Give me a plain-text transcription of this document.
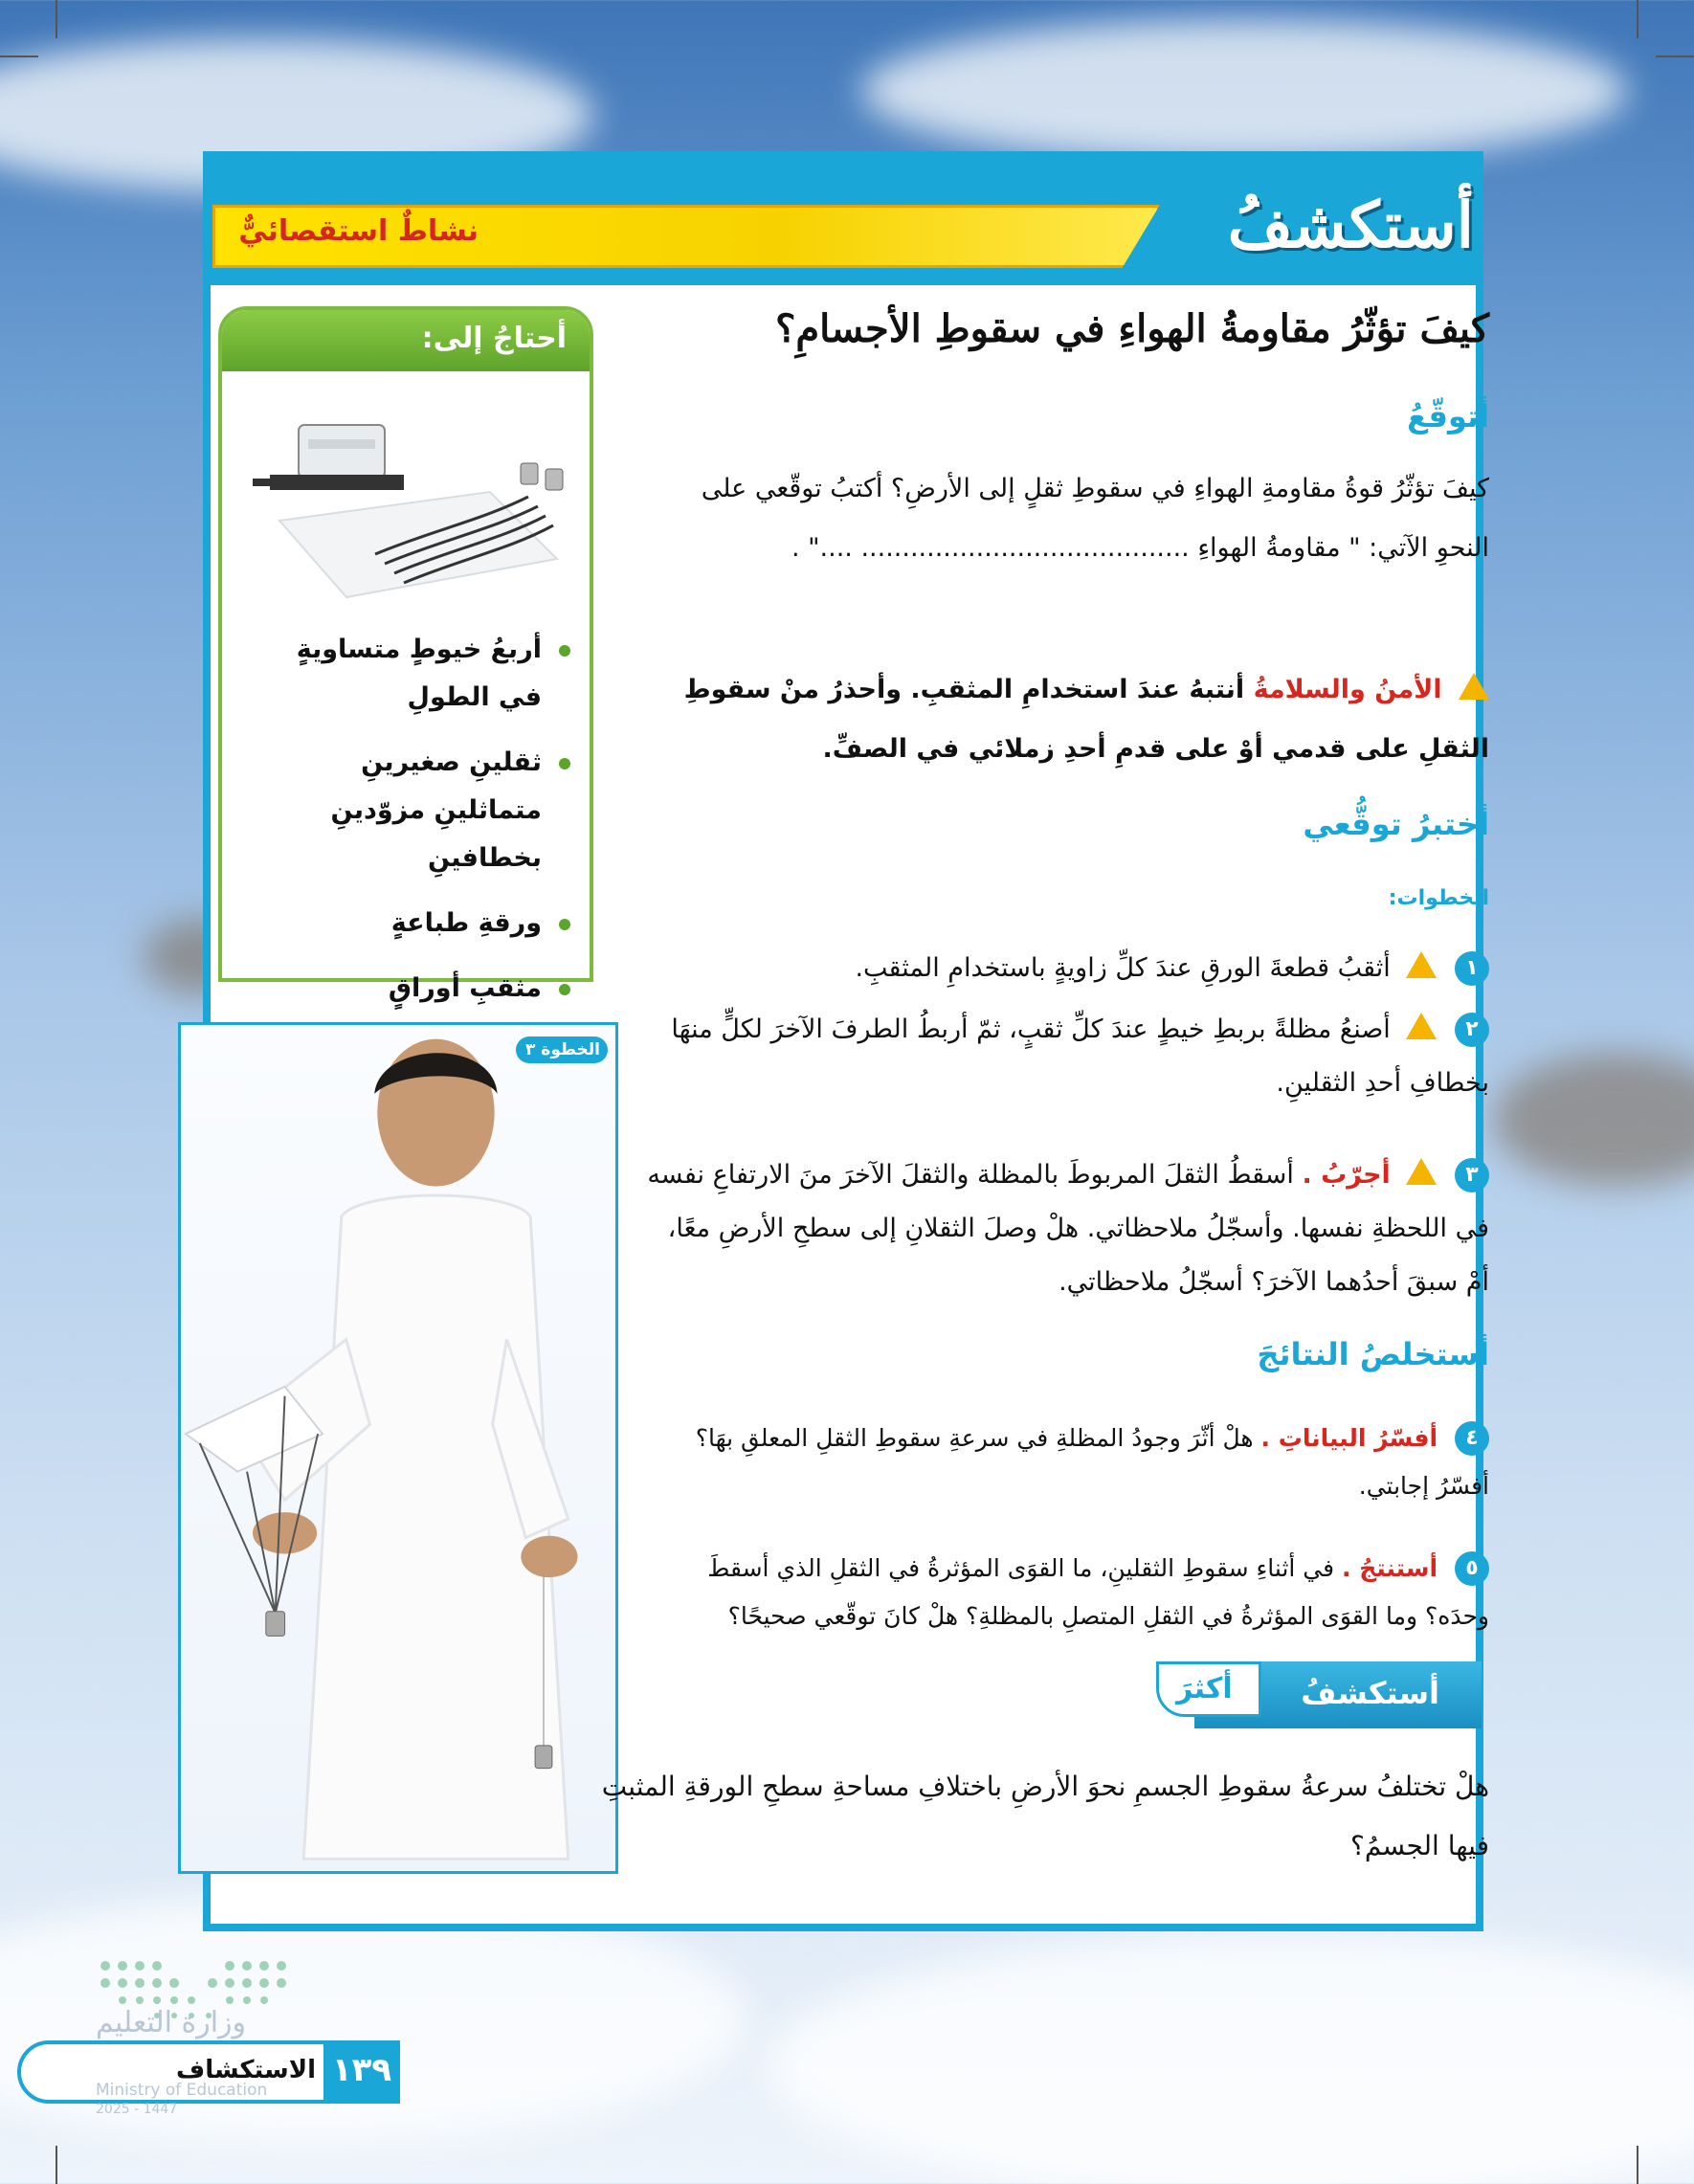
نشاطٌ استقصائيٌّ	أستكشفُ
أحتاجُ إلى:
أربعُ خيوطٍ متساويةٍ في الطولِ
ثقلينِ صغيرينِ متماثلينِ مزوّدينِ بخطافينِ
ورقةِ طباعةٍ
مثقبِ أوراقٍ
الخطوة ٣
كيفَ تؤثّرُ مقاومةُ الهواءِ في سقوطِ الأجسامِ؟
أتوقّعُ
كيفَ تؤثّرُ قوةُ مقاومةِ الهواءِ في سقوطِ ثقلٍ إلى الأرضِ؟ أكتبُ توقّعي على النحوِ الآتي: " مقاومةُ الهواءِ ........................................ ...." .
الأمنُ والسلامةُ أنتبهُ عندَ استخدامِ المثقبِ. وأحذرُ منْ سقوطِ الثقلِ على قدمي أوْ على قدمِ أحدِ زملائي في الصفِّ.
أختبرُ توقُّعي
الخطوات:
١  أثقبُ قطعةَ الورقِ عندَ كلِّ زاويةٍ باستخدامِ المثقبِ.
٢  أصنعُ مظلةً بربطِ خيطٍ عندَ كلِّ ثقبٍ، ثمّ أربطُ الطرفَ الآخرَ لكلٍّ منهَا بخطافِ أحدِ الثقلينِ.
٣  أجرّبُ . أسقطُ الثقلَ المربوطَ بالمظلة والثقلَ الآخرَ منَ الارتفاعِ نفسه في اللحظةِ نفسها. وأسجّلُ ملاحظاتي. هلْ وصلَ الثقلانِ إلى سطحِ الأرضِ معًا، أمْ سبقَ أحدُهما الآخرَ؟ أسجّلُ ملاحظاتي.
أستخلصُ النتائجَ
٤ أفسّرُ البياناتِ . هلْ أثّرَ وجودُ المظلةِ في سرعةِ سقوطِ الثقلِ المعلقِ بهَا؟ أفسّرُ إجابتي.
٥ أستنتجُ . في أثناءِ سقوطِ الثقلينِ، ما القوَى المؤثرةُ في الثقلِ الذي أسقطَ وحدَه؟ وما القوَى المؤثرةُ في الثقلِ المتصلِ بالمظلةِ؟ هلْ كانَ توقّعي صحيحًا؟
أستكشفُ
أكثرَ
هلْ تختلفُ سرعةُ سقوطِ الجسمِ نحوَ الأرضِ باختلافِ مساحةِ سطحِ الورقةِ المثبتِ فيها الجسمُ؟
وزارة التعليم
١٣٩
الاستكشاف
Ministry of Education
2025 - 1447
